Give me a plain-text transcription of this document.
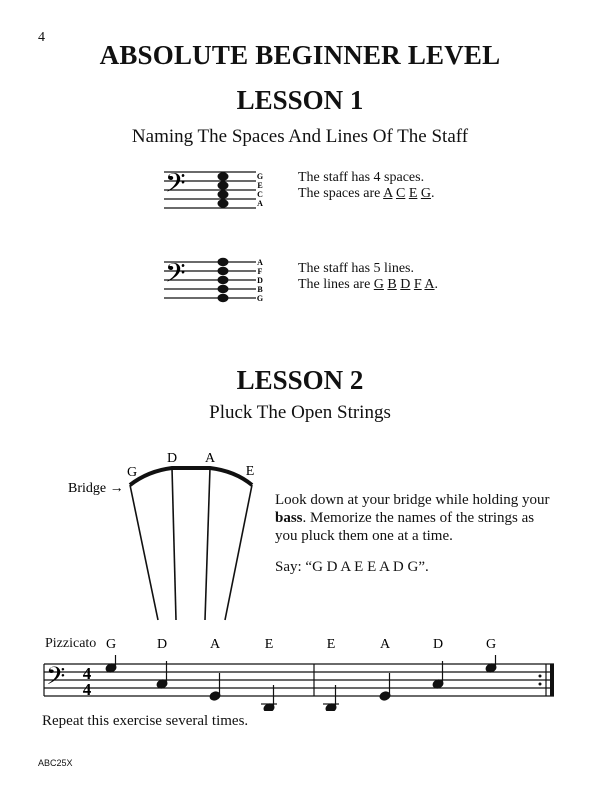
4
ABSOLUTE BEGINNER LEVEL
LESSON 1
Naming The Spaces And Lines Of The Staff
𝄢	G
E
C
A
The staff has 4 spaces.
The spaces are A C E G.
𝄢	A
F
D
B
G
The staff has 5 lines.
The lines are G B D F A.
LESSON 2
Pluck The Open Strings
Bridge →
G
D A
E
Look down at your bridge while holding your bass. Memorize the names of the strings as you pluck them one at a time.
Say: “G D A E E A D G”.
Pizzicato G	D	A	E	E	A	D	G
𝄢 4
4
Repeat this exercise several times.
ABC25X
